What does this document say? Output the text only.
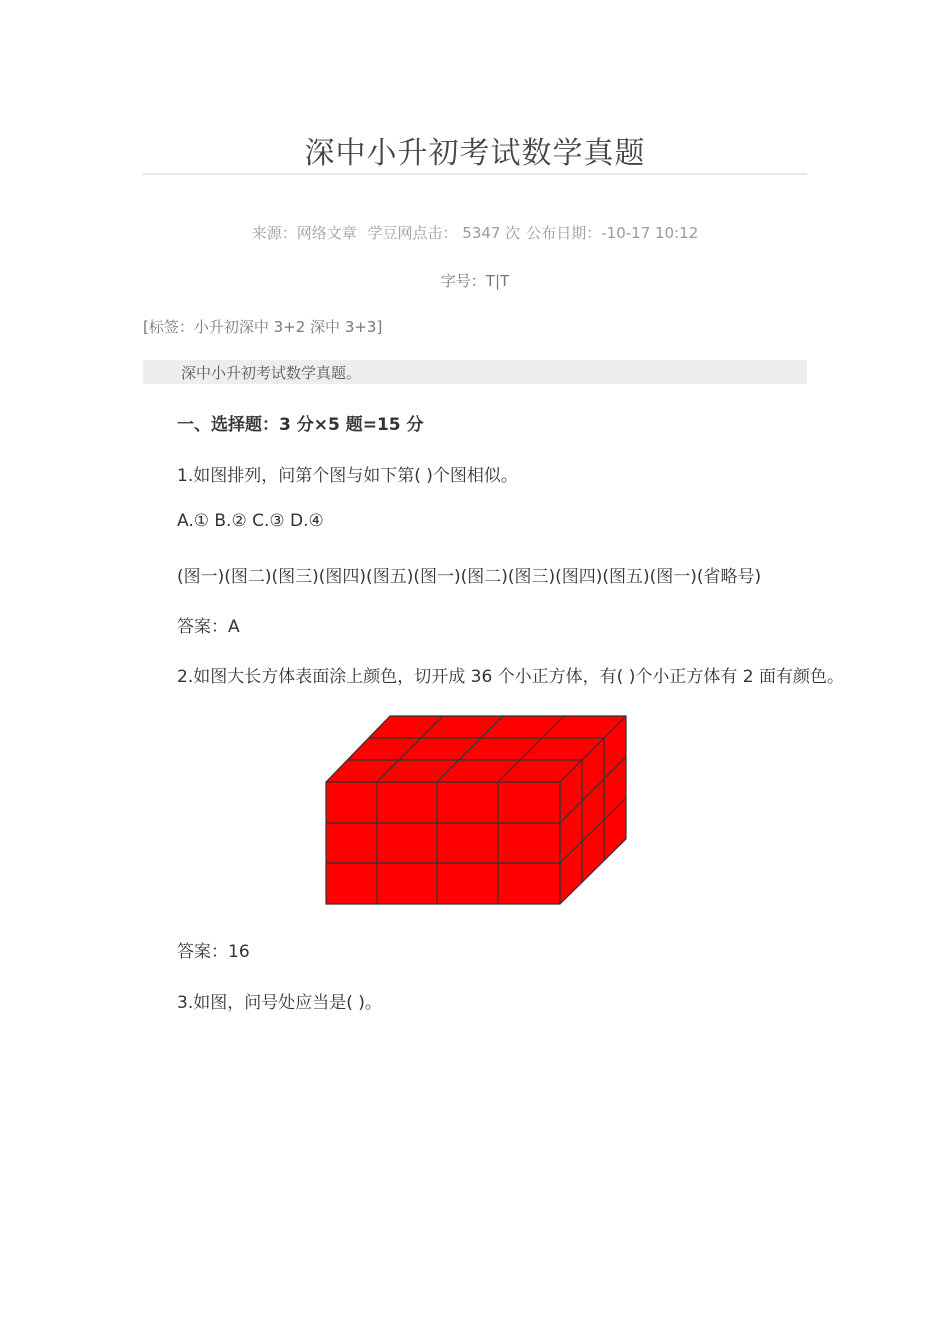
深中小升初考试数学真题
来源：网络文章 学豆网点击： 5347 次 公布日期：-10-17 10:12
字号：T|T
[标签：小升初深中 3+2 深中 3+3]
深中小升初考试数学真题。
一、选择题：3 分×5 题=15 分
1.如图排列，问第个图与如下第( )个图相似。
A.① B.② C.③ D.④
(图一)(图二)(图三)(图四)(图五)(图一)(图二)(图三)(图四)(图五)(图一)(省略号)
答案：A
2.如图大长方体表面涂上颜色，切开成 36 个小正方体，有( )个小正方体有 2 面有颜色。
答案：16
3.如图，问号处应当是( )。
